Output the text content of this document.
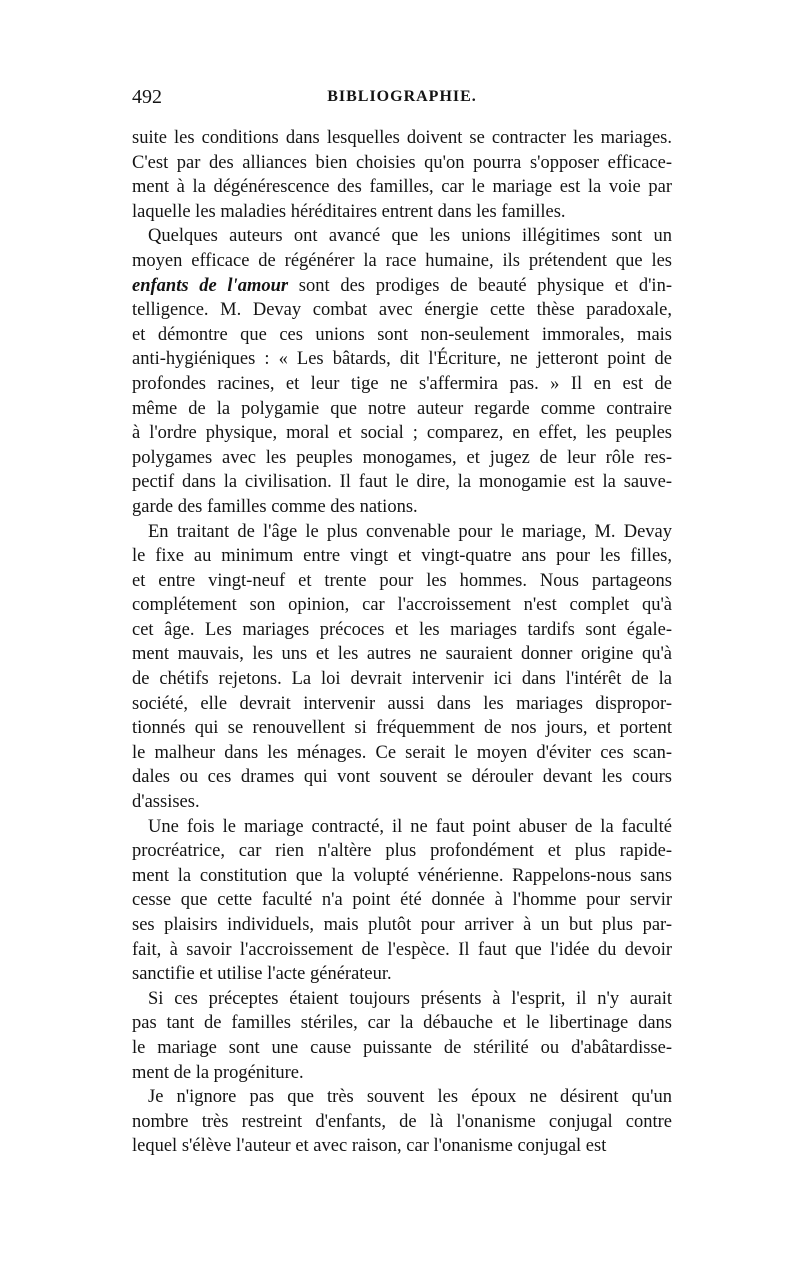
492	BIBLIOGRAPHIE.
suite les conditions dans lesquelles doivent se contracter les mariages.
C'est par des alliances bien choisies qu'on pourra s'opposer efficace-
ment à la dégénérescence des familles, car le mariage est la voie par
laquelle les maladies héréditaires entrent dans les familles.
Quelques auteurs ont avancé que les unions illégitimes sont un
moyen efficace de régénérer la race humaine, ils prétendent que les
enfants de l'amour sont des prodiges de beauté physique et d'in-
telligence. M. Devay combat avec énergie cette thèse paradoxale,
et démontre que ces unions sont non-seulement immorales, mais
anti-hygiéniques : « Les bâtards, dit l'Écriture, ne jetteront point de
profondes racines, et leur tige ne s'affermira pas. » Il en est de
même de la polygamie que notre auteur regarde comme contraire
à l'ordre physique, moral et social ; comparez, en effet, les peuples
polygames avec les peuples monogames, et jugez de leur rôle res-
pectif dans la civilisation. Il faut le dire, la monogamie est la sauve-
garde des familles comme des nations.
En traitant de l'âge le plus convenable pour le mariage, M. Devay
le fixe au minimum entre vingt et vingt-quatre ans pour les filles,
et entre vingt-neuf et trente pour les hommes. Nous partageons
complétement son opinion, car l'accroissement n'est complet qu'à
cet âge. Les mariages précoces et les mariages tardifs sont égale-
ment mauvais, les uns et les autres ne sauraient donner origine qu'à
de chétifs rejetons. La loi devrait intervenir ici dans l'intérêt de la
société, elle devrait intervenir aussi dans les mariages dispropor-
tionnés qui se renouvellent si fréquemment de nos jours, et portent
le malheur dans les ménages. Ce serait le moyen d'éviter ces scan-
dales ou ces drames qui vont souvent se dérouler devant les cours
d'assises.
Une fois le mariage contracté, il ne faut point abuser de la faculté
procréatrice, car rien n'altère plus profondément et plus rapide-
ment la constitution que la volupté vénérienne. Rappelons-nous sans
cesse que cette faculté n'a point été donnée à l'homme pour servir
ses plaisirs individuels, mais plutôt pour arriver à un but plus par-
fait, à savoir l'accroissement de l'espèce. Il faut que l'idée du devoir
sanctifie et utilise l'acte générateur.
Si ces préceptes étaient toujours présents à l'esprit, il n'y aurait
pas tant de familles stériles, car la débauche et le libertinage dans
le mariage sont une cause puissante de stérilité ou d'abâtardisse-
ment de la progéniture.
Je n'ignore pas que très souvent les époux ne désirent qu'un
nombre très restreint d'enfants, de là l'onanisme conjugal contre
lequel s'élève l'auteur et avec raison, car l'onanisme conjugal est
